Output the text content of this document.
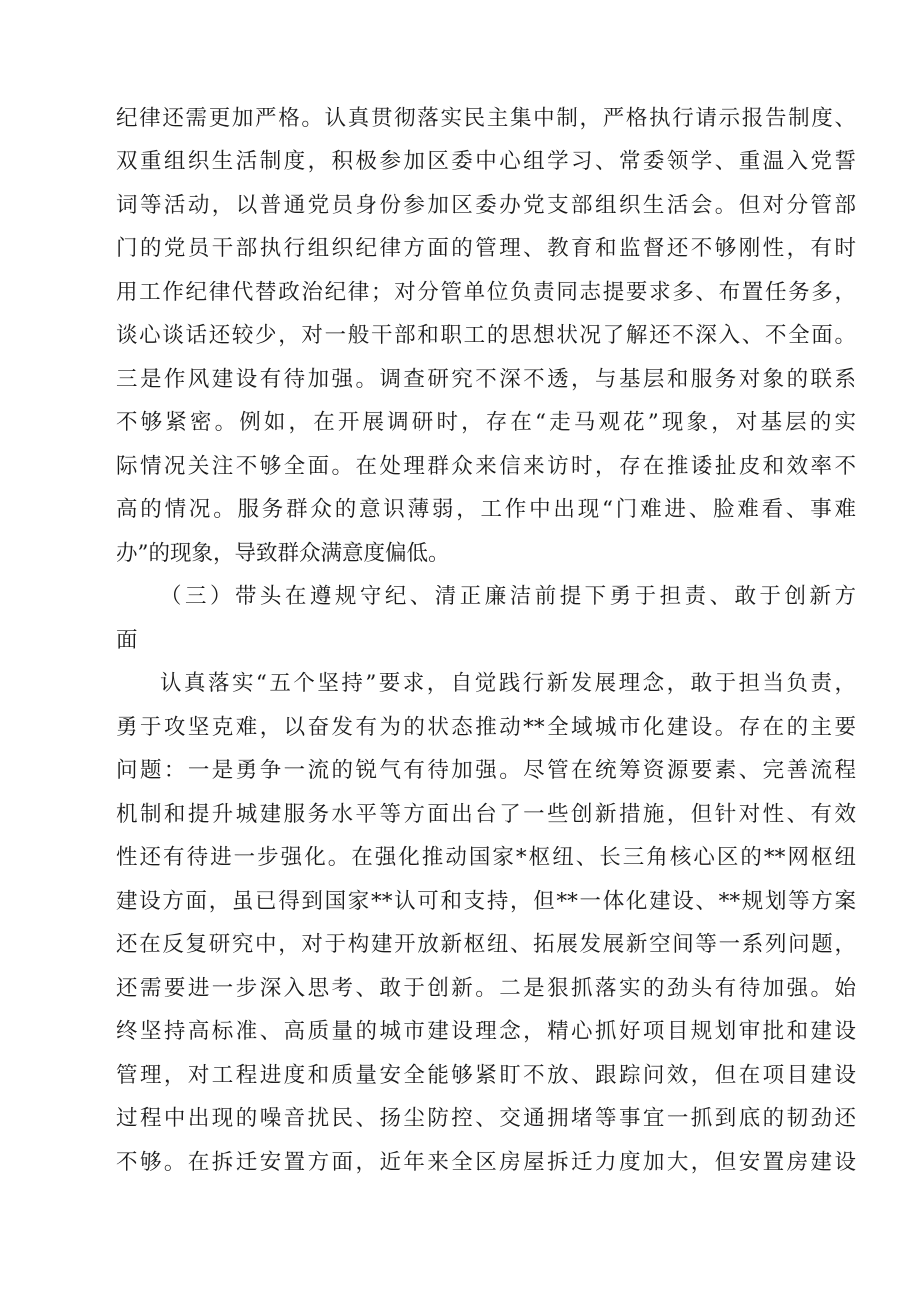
纪律还需更加严格。认真贯彻落实民主集中制，严格执行请示报告制度、
双重组织生活制度，积极参加区委中心组学习、常委领学、重温入党誓
词等活动，以普通党员身份参加区委办党支部组织生活会。但对分管部
门的党员干部执行组织纪律方面的管理、教育和监督还不够刚性，有时
用工作纪律代替政治纪律；对分管单位负责同志提要求多、布置任务多，
谈心谈话还较少，对一般干部和职工的思想状况了解还不深入、不全面。
三是作风建设有待加强。调查研究不深不透，与基层和服务对象的联系
不够紧密。例如，在开展调研时，存在“走马观花”现象，对基层的实
际情况关注不够全面。在处理群众来信来访时，存在推诿扯皮和效率不
高的情况。服务群众的意识薄弱，工作中出现“门难进、脸难看、事难
办”的现象，导致群众满意度偏低。
（三）带头在遵规守纪、清正廉洁前提下勇于担责、敢于创新方
面
认真落实“五个坚持”要求，自觉践行新发展理念，敢于担当负责，
勇于攻坚克难，以奋发有为的状态推动**全域城市化建设。存在的主要
问题：一是勇争一流的锐气有待加强。尽管在统筹资源要素、完善流程
机制和提升城建服务水平等方面出台了一些创新措施，但针对性、有效
性还有待进一步强化。在强化推动国家*枢纽、长三角核心区的**网枢纽
建设方面，虽已得到国家**认可和支持，但**一体化建设、**规划等方案
还在反复研究中，对于构建开放新枢纽、拓展发展新空间等一系列问题，
还需要进一步深入思考、敢于创新。二是狠抓落实的劲头有待加强。始
终坚持高标准、高质量的城市建设理念，精心抓好项目规划审批和建设
管理，对工程进度和质量安全能够紧盯不放、跟踪问效，但在项目建设
过程中出现的噪音扰民、扬尘防控、交通拥堵等事宜一抓到底的韧劲还
不够。在拆迁安置方面，近年来全区房屋拆迁力度加大，但安置房建设
